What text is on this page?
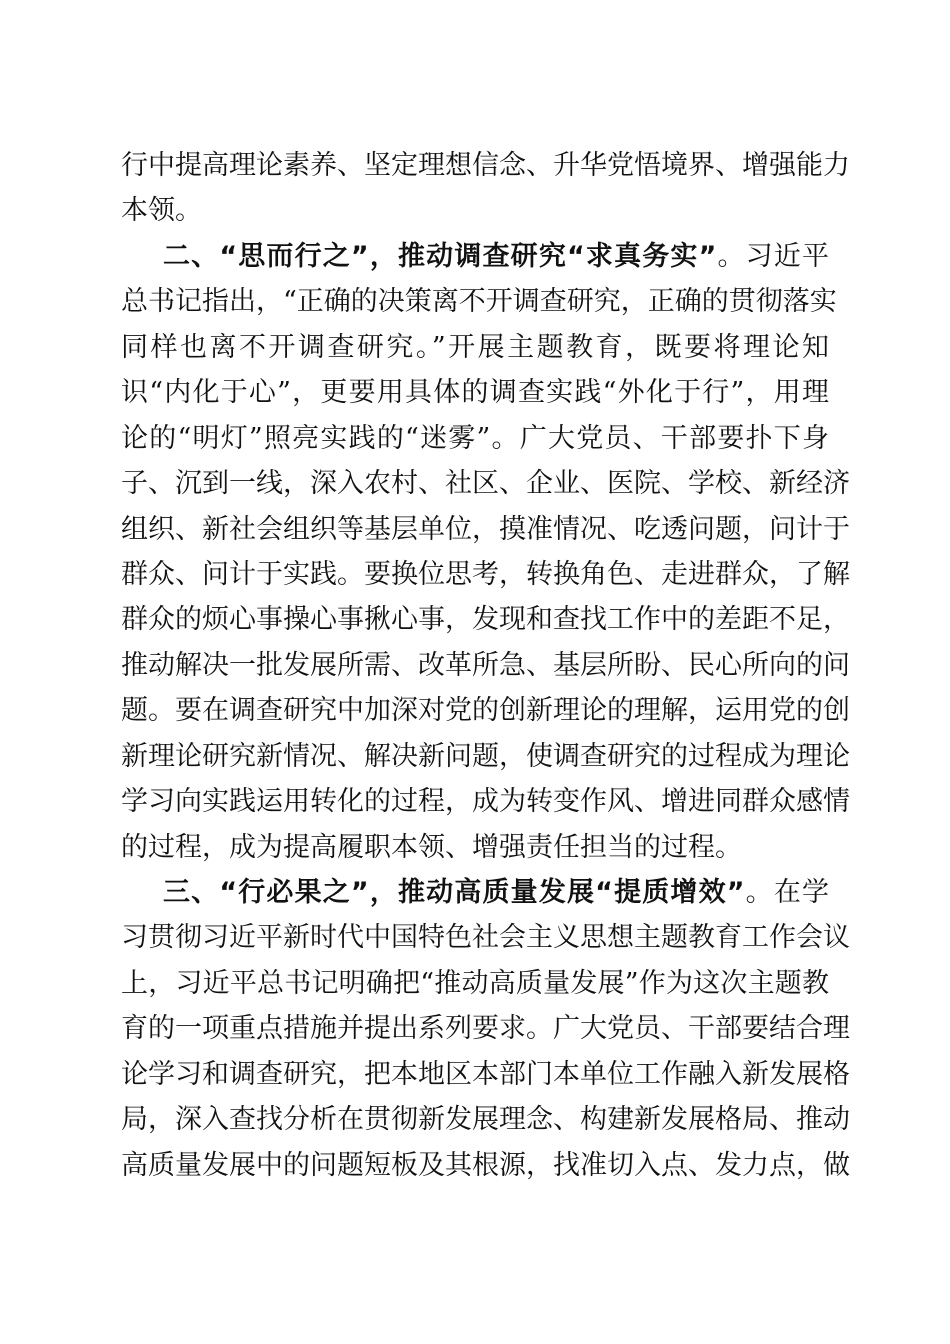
行中提高理论素养、坚定理想信念、升华党悟境界、增强能力
本领。
二、“思而行之”，推动调查研究“求真务实”。习近平
总书记指出，“正确的决策离不开调查研究，正确的贯彻落实
同样也离不开调查研究。”开展主题教育，既要将理论知
识“内化于心”，更要用具体的调查实践“外化于行”，用理
论的“明灯”照亮实践的“迷雾”。广大党员、干部要扑下身
子、沉到一线，深入农村、社区、企业、医院、学校、新经济
组织、新社会组织等基层单位，摸准情况、吃透问题，问计于
群众、问计于实践。要换位思考，转换角色、走进群众，了解
群众的烦心事操心事揪心事，发现和查找工作中的差距不足，
推动解决一批发展所需、改革所急、基层所盼、民心所向的问
题。要在调查研究中加深对党的创新理论的理解，运用党的创
新理论研究新情况、解决新问题，使调查研究的过程成为理论
学习向实践运用转化的过程，成为转变作风、增进同群众感情
的过程，成为提高履职本领、增强责任担当的过程。
三、“行必果之”，推动高质量发展“提质增效”。在学
习贯彻习近平新时代中国特色社会主义思想主题教育工作会议
上，习近平总书记明确把“推动高质量发展”作为这次主题教
育的一项重点措施并提出系列要求。广大党员、干部要结合理
论学习和调查研究，把本地区本部门本单位工作融入新发展格
局，深入查找分析在贯彻新发展理念、构建新发展格局、推动
高质量发展中的问题短板及其根源，找准切入点、发力点，做
